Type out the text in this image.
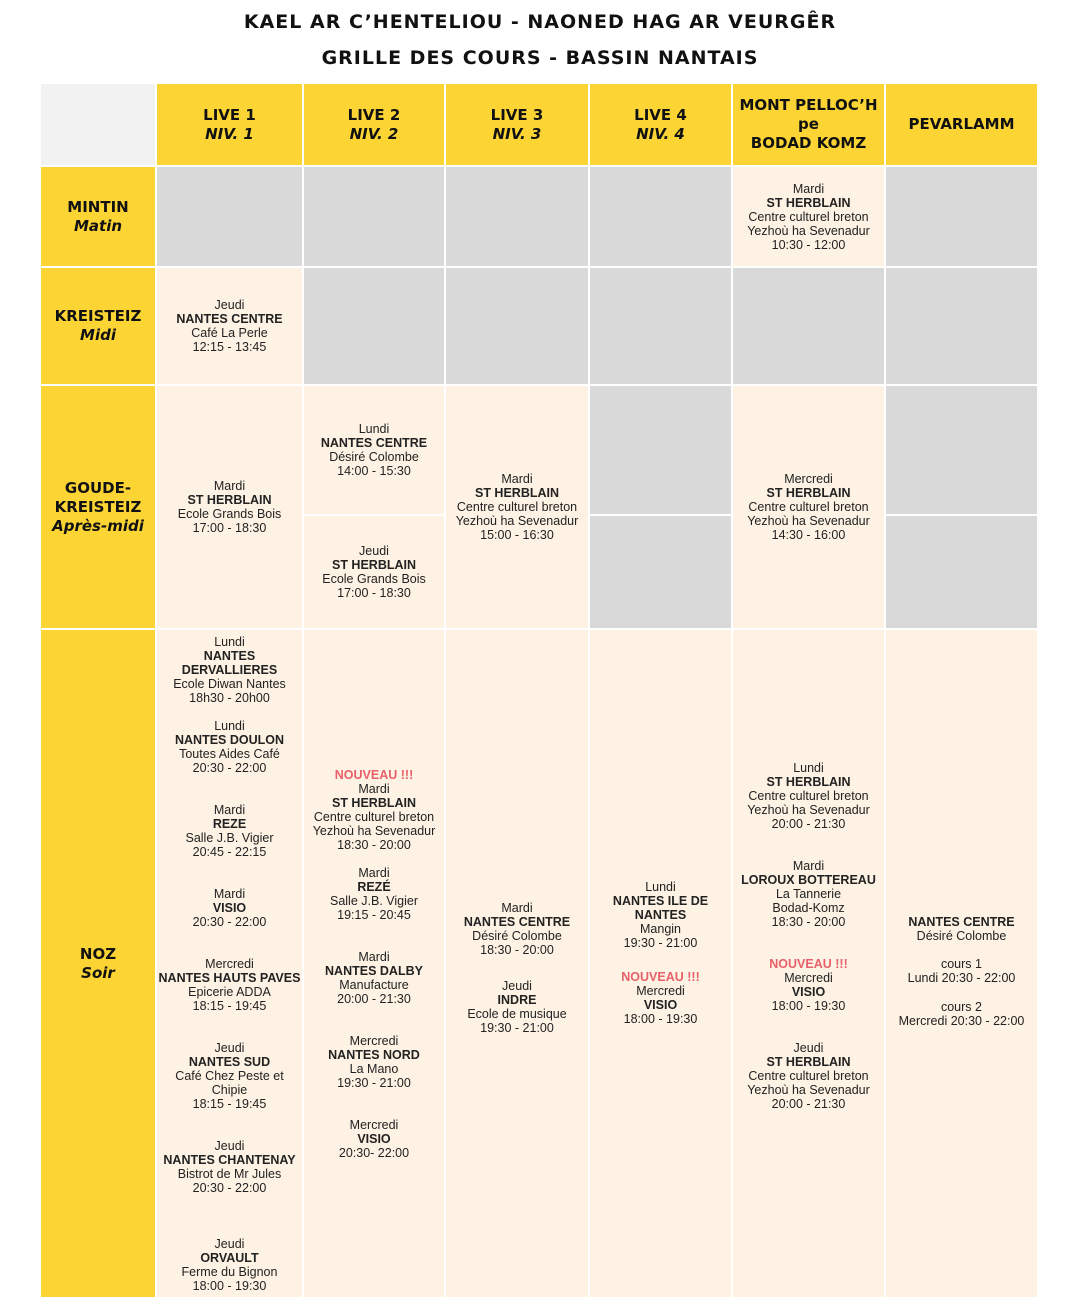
KAEL AR C’HENTELIOU - NAONED HAG AR VEURGÊR
GRILLE DES COURS - BASSIN NANTAIS
LIVE 1
NIV. 1
LIVE 2
NIV. 2
LIVE 3
NIV. 3
LIVE 4
NIV. 4
MONT PELLOC’H
pe
BODAD KOMZ
PEVARLAMM
MINTIN
Matin
KREISTEIZ
Midi
GOUDE-
KREISTEIZ
Après-midi
NOZ
Soir
Mardi
ST HERBLAIN
Centre culturel breton
Yezhoù ha Sevenadur
10:30 - 12:00
Jeudi
NANTES CENTRE
Café La Perle
12:15 - 13:45
Mardi
ST HERBLAIN
Ecole Grands Bois
17:00 - 18:30
Lundi
NANTES CENTRE
Désiré Colombe
14:00 - 15:30
Jeudi
ST HERBLAIN
Ecole Grands Bois
17:00 - 18:30
Mardi
ST HERBLAIN
Centre culturel breton
Yezhoù ha Sevenadur
15:00 - 16:30
Mercredi
ST HERBLAIN
Centre culturel breton
Yezhoù ha Sevenadur
14:30 - 16:00
Lundi
NANTES DERVALLIERES
Ecole Diwan Nantes
18h30 - 20h00
Lundi
NANTES DOULON
Toutes Aides Café
20:30 - 22:00
Mardi
REZE
Salle J.B. Vigier
20:45 - 22:15
Mardi
VISIO
20:30 - 22:00
Mercredi
NANTES HAUTS PAVES
Epicerie ADDA
18:15 - 19:45
Jeudi
NANTES SUD
Café Chez Peste et Chipie
18:15 - 19:45
Jeudi
NANTES CHANTENAY
Bistrot de Mr Jules
20:30 - 22:00
Jeudi
ORVAULT
Ferme du Bignon
18:00 - 19:30
NOUVEAU !!!
Mardi
ST HERBLAIN
Centre culturel breton
Yezhoù ha Sevenadur
18:30 - 20:00
Mardi
REZÉ
Salle J.B. Vigier
19:15 - 20:45
Mardi
NANTES DALBY
Manufacture
20:00 - 21:30
Mercredi
NANTES NORD
La Mano
19:30 - 21:00
Mercredi
VISIO
20:30- 22:00
Mardi
NANTES CENTRE
Désiré Colombe
18:30 - 20:00
Jeudi
INDRE
Ecole de musique
19:30 - 21:00
Lundi
NANTES ILE DE NANTES
Mangin
19:30 - 21:00
NOUVEAU !!!
Mercredi
VISIO
18:00 - 19:30
Lundi
ST HERBLAIN
Centre culturel breton
Yezhoù ha Sevenadur
20:00 - 21:30
Mardi
LOROUX BOTTEREAU
La Tannerie
Bodad-Komz
18:30 - 20:00
NOUVEAU !!!
Mercredi
VISIO
18:00 - 19:30
Jeudi
ST HERBLAIN
Centre culturel breton
Yezhoù ha Sevenadur
20:00 - 21:30
NANTES CENTRE
Désiré Colombe
cours 1
Lundi 20:30 - 22:00
cours 2
Mercredi 20:30 - 22:00
